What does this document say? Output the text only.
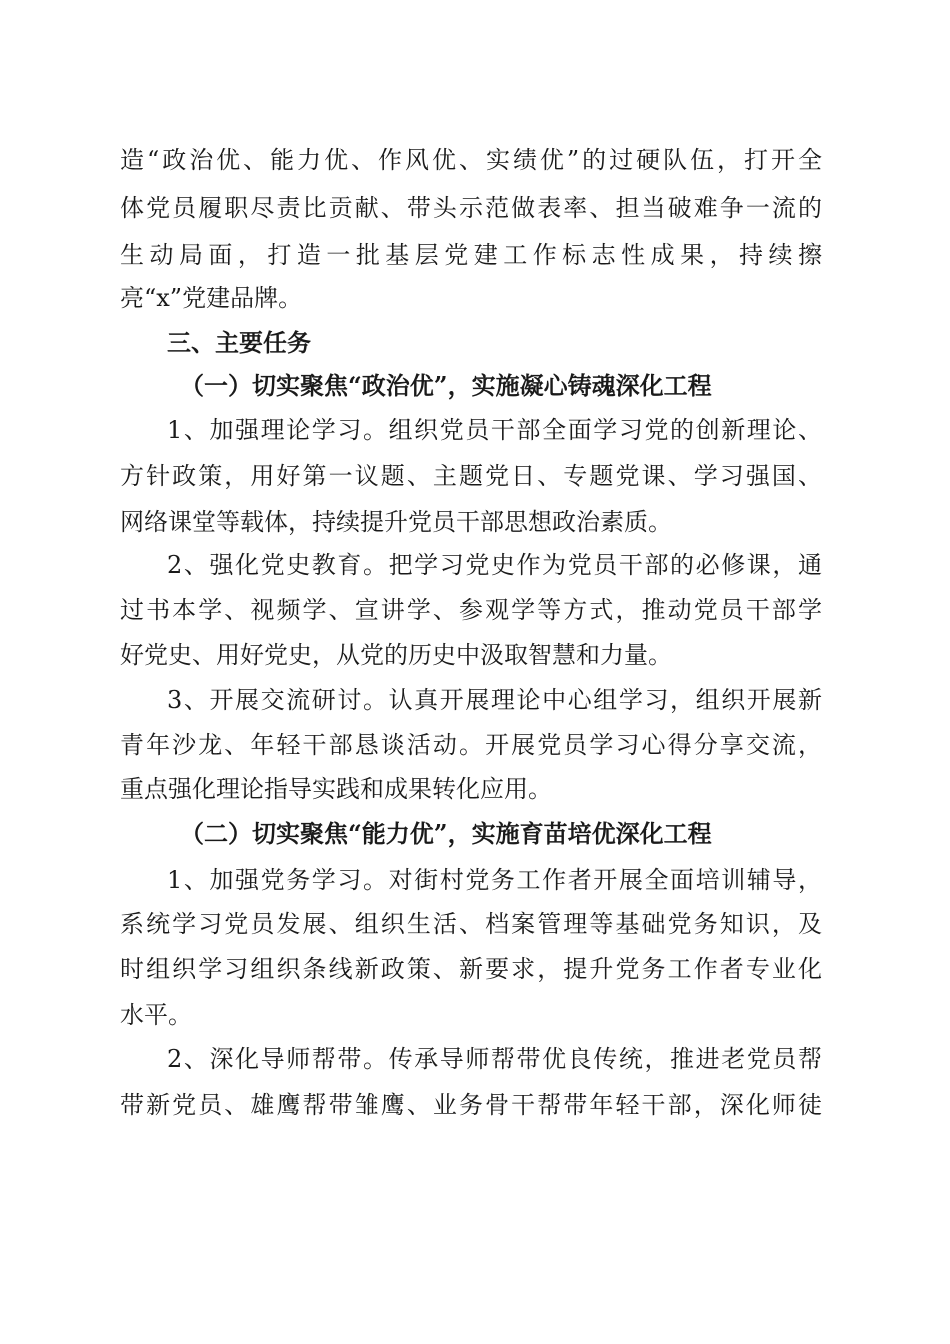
造“政治优、能力优、作风优、实绩优”的过硬队伍，打开全
体党员履职尽责比贡献、带头示范做表率、担当破难争一流的
生动局面，打造一批基层党建工作标志性成果，持续擦
亮“x”党建品牌。
三、主要任务
（一）切实聚焦“政治优”，实施凝心铸魂深化工程
1、加强理论学习。组织党员干部全面学习党的创新理论、
方针政策，用好第一议题、主题党日、专题党课、学习强国、
网络课堂等载体，持续提升党员干部思想政治素质。
2、强化党史教育。把学习党史作为党员干部的必修课，通
过书本学、视频学、宣讲学、参观学等方式，推动党员干部学
好党史、用好党史，从党的历史中汲取智慧和力量。
3、开展交流研讨。认真开展理论中心组学习，组织开展新
青年沙龙、年轻干部恳谈活动。开展党员学习心得分享交流，
重点强化理论指导实践和成果转化应用。
（二）切实聚焦“能力优”，实施育苗培优深化工程
1、加强党务学习。对街村党务工作者开展全面培训辅导，
系统学习党员发展、组织生活、档案管理等基础党务知识，及
时组织学习组织条线新政策、新要求，提升党务工作者专业化
水平。
2、深化导师帮带。传承导师帮带优良传统，推进老党员帮
带新党员、雄鹰帮带雏鹰、业务骨干帮带年轻干部，深化师徒
